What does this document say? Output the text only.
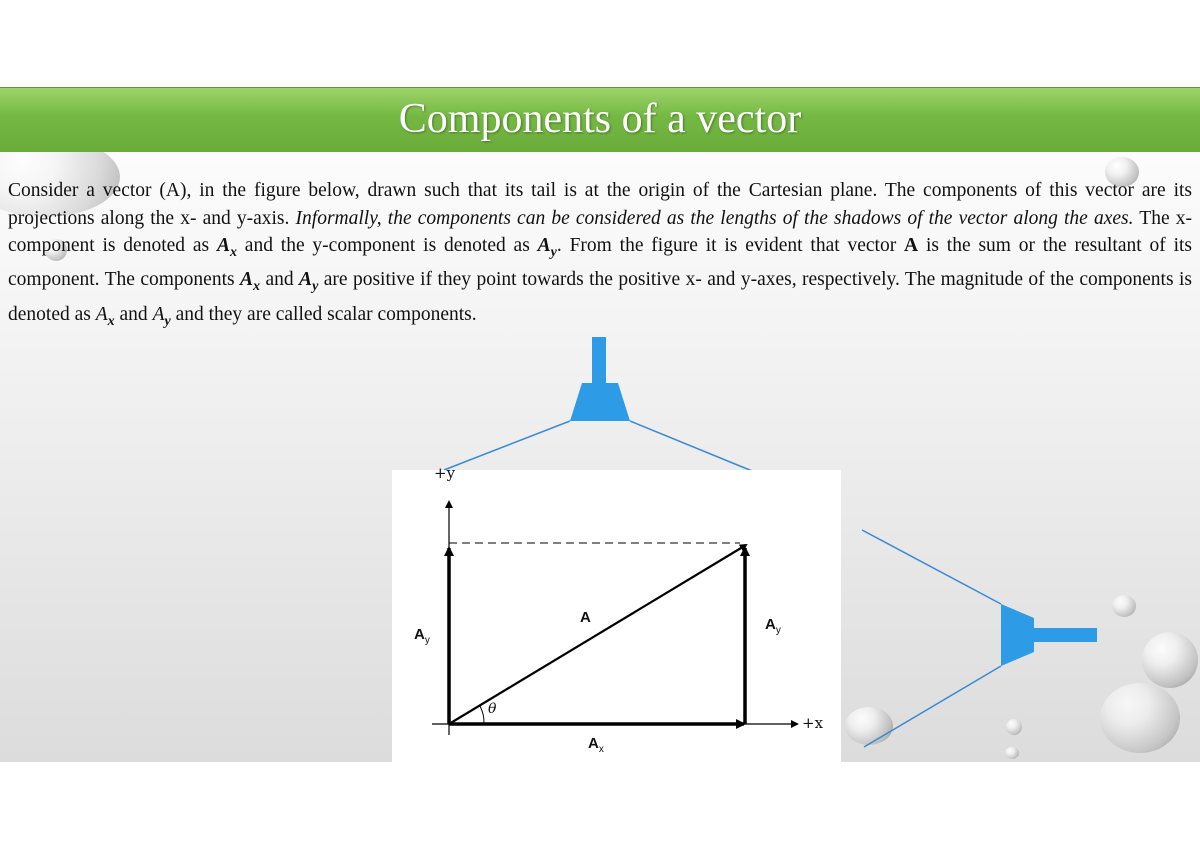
Components of a vector
Consider a vector (A), in the figure below, drawn such that its tail is at the origin of the Cartesian plane. The components of this vector are its projections along the x- and y-axis. Informally, the components can be considered as the lengths of the shadows of the vector along the axes. The x-component is denoted as $A_x$ and the y-component is denoted as $A_y$. From the figure it is evident that vector A is the sum or the resultant of its component. The components $A_x$ and $A_y$ are positive if they point towards the positive x- and y-axes, respectively. The magnitude of the components is denoted as $A_x$ and $A_y$ and they are called scalar components.
+y
+x
A
$A_y$
$A_y$
$A_x$
θ
